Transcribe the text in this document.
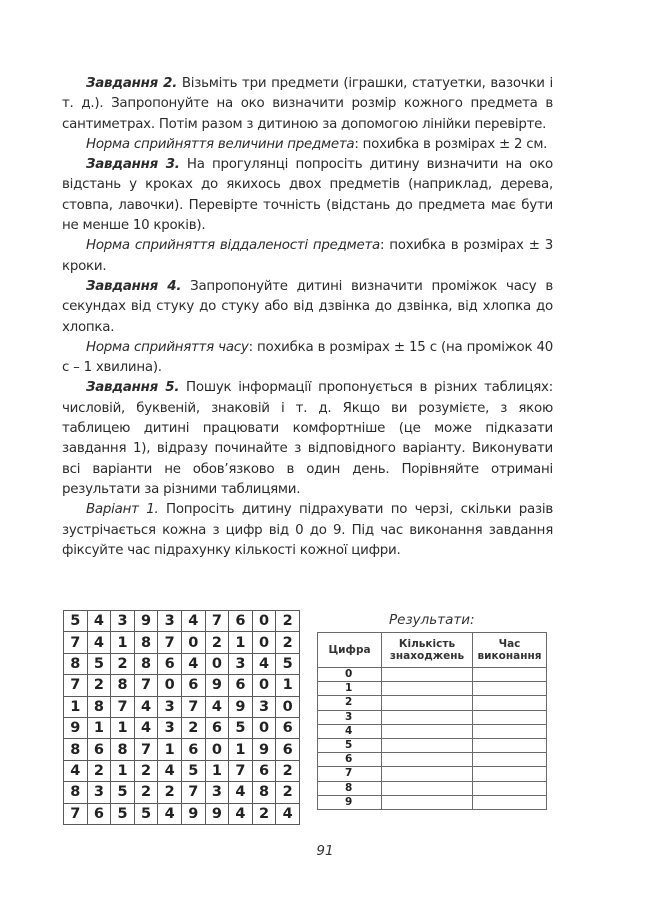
Завдання 2. Візьміть три предмети (іграшки, статуетки, вазочки і т. д.). Запропонуйте на око визначити розмір кожного предмета в сантиметрах. Потім разом з дитиною за допомогою лінійки перевірте.

Норма сприйняття величини предмета: похибка в розмірах ± 2 см.

Завдання 3. На прогулянці попросіть дитину визначити на око відстань у кроках до якихось двох предметів (наприклад, дерева, стовпа, лавочки). Перевірте точність (відстань до предмета має бути не менше 10 кроків).

Норма сприйняття віддаленості предмета: похибка в розмірах ± 3 кроки.

Завдання 4. Запропонуйте дитині визначити проміжок часу в секундах від стуку до стуку або від дзвінка до дзвінка, від хлопка до хлопка.

Норма сприйняття часу: похибка в розмірах ± 15 с (на проміжок 40 с – 1 хвилина).

Завдання 5. Пошук інформації пропонується в різних таблицях: числовій, буквеній, знаковій і т. д. Якщо ви розумієте, з якою таблицею дитині працювати комфортніше (це може підказати завдання 1), відразу починайте з відповідного варіанту. Виконувати всі варіанти не обов’язково в один день. Порівняйте отримані результати за різними таблицями.

Варіант 1. Попросіть дитину підрахувати по черзі, скільки разів зустрічається кожна з цифр від 0 до 9. Під час виконання завдання фіксуйте час підрахунку кількості кожної цифри.

5	4	3	9	3	4	7	6	0	2
7	4	1	8	7	0	2	1	0	2
8	5	2	8	6	4	0	3	4	5
7	2	8	7	0	6	9	6	0	1
1	8	7	4	3	7	4	9	3	0
9	1	1	4	3	2	6	5	0	6
8	6	8	7	1	6	0	1	9	6
4	2	1	2	4	5	1	7	6	2
8	3	5	2	2	7	3	4	8	2
7	6	5	5	4	9	9	4	2	4
Результати:
Цифра	Кількість знаходжень	Час виконання
0		
1		
2		
3		
4		
5		
6		
7		
8		
9		
91
